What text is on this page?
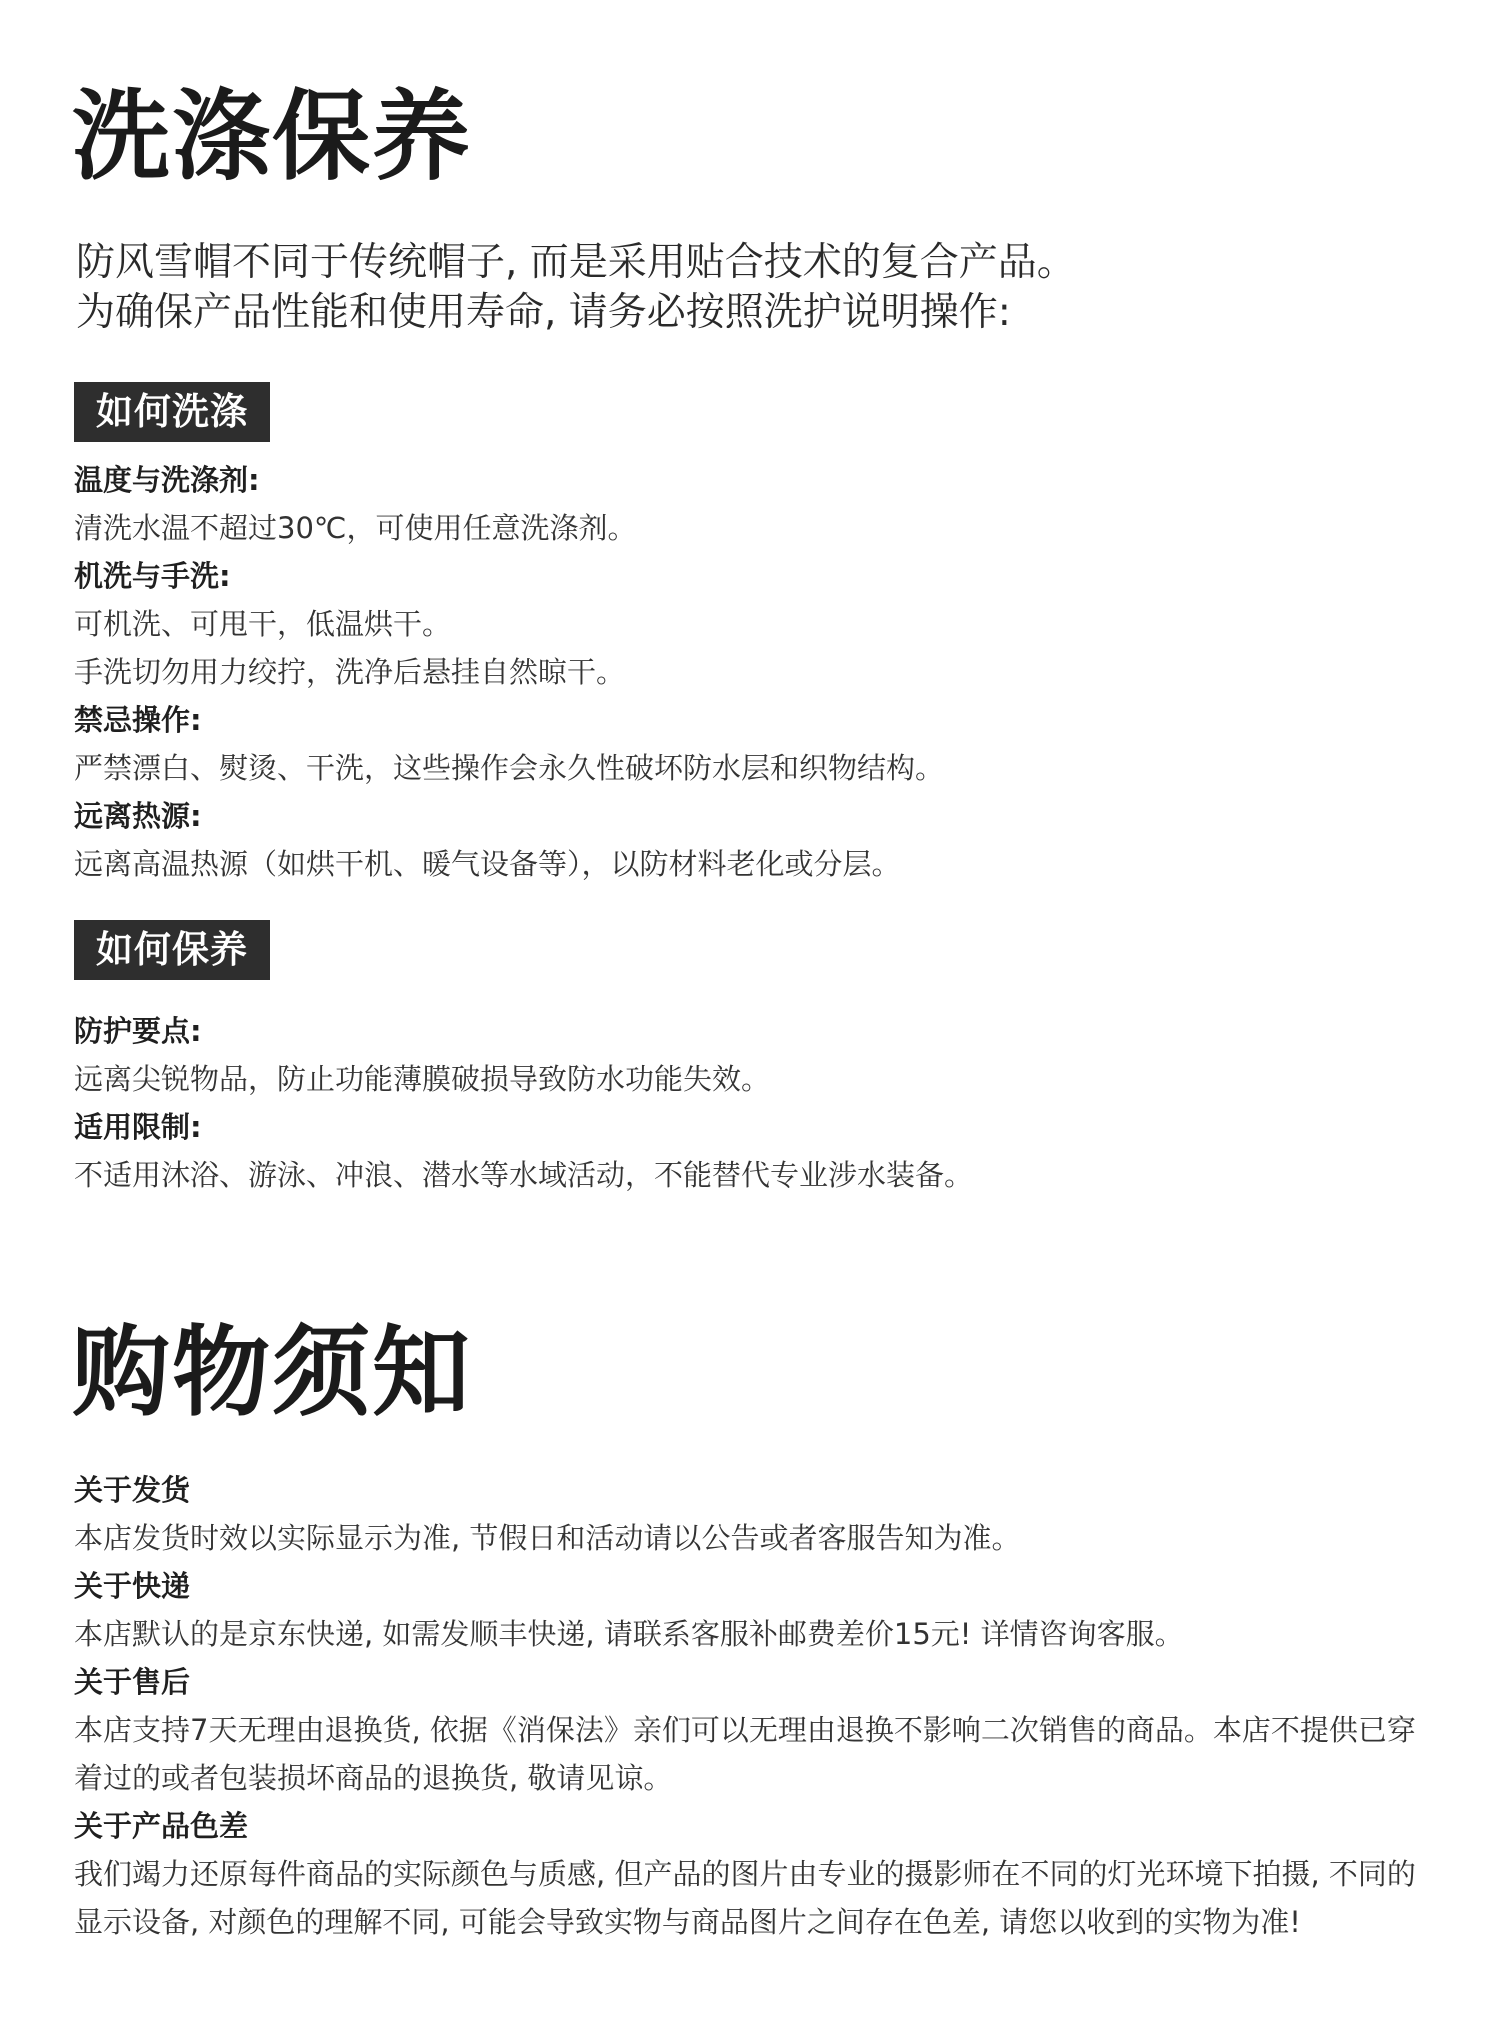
洗涤保养
防风雪帽不同于传统帽子, 而是采用贴合技术的复合产品。
为确保产品性能和使用寿命, 请务必按照洗护说明操作:
如何洗涤
温度与洗涤剂:
清洗水温不超过30℃，可使用任意洗涤剂。
机洗与手洗:
可机洗、可甩干，低温烘干。
手洗切勿用力绞拧，洗净后悬挂自然晾干。
禁忌操作:
严禁漂白、熨烫、干洗，这些操作会永久性破坏防水层和织物结构。
远离热源:
远离高温热源（如烘干机、暖气设备等），以防材料老化或分层。
如何保养
防护要点:
远离尖锐物品，防止功能薄膜破损导致防水功能失效。
适用限制:
不适用沐浴、游泳、冲浪、潜水等水域活动，不能替代专业涉水装备。
购物须知
关于发货
本店发货时效以实际显示为准, 节假日和活动请以公告或者客服告知为准。
关于快递
本店默认的是京东快递, 如需发顺丰快递, 请联系客服补邮费差价15元! 详情咨询客服。
关于售后
本店支持7天无理由退换货, 依据《消保法》亲们可以无理由退换不影响二次销售的商品。本店不提供已穿着过的或者包装损坏商品的退换货, 敬请见谅。
关于产品色差
我们竭力还原每件商品的实际颜色与质感, 但产品的图片由专业的摄影师在不同的灯光环境下拍摄, 不同的显示设备, 对颜色的理解不同, 可能会导致实物与商品图片之间存在色差, 请您以收到的实物为准!
